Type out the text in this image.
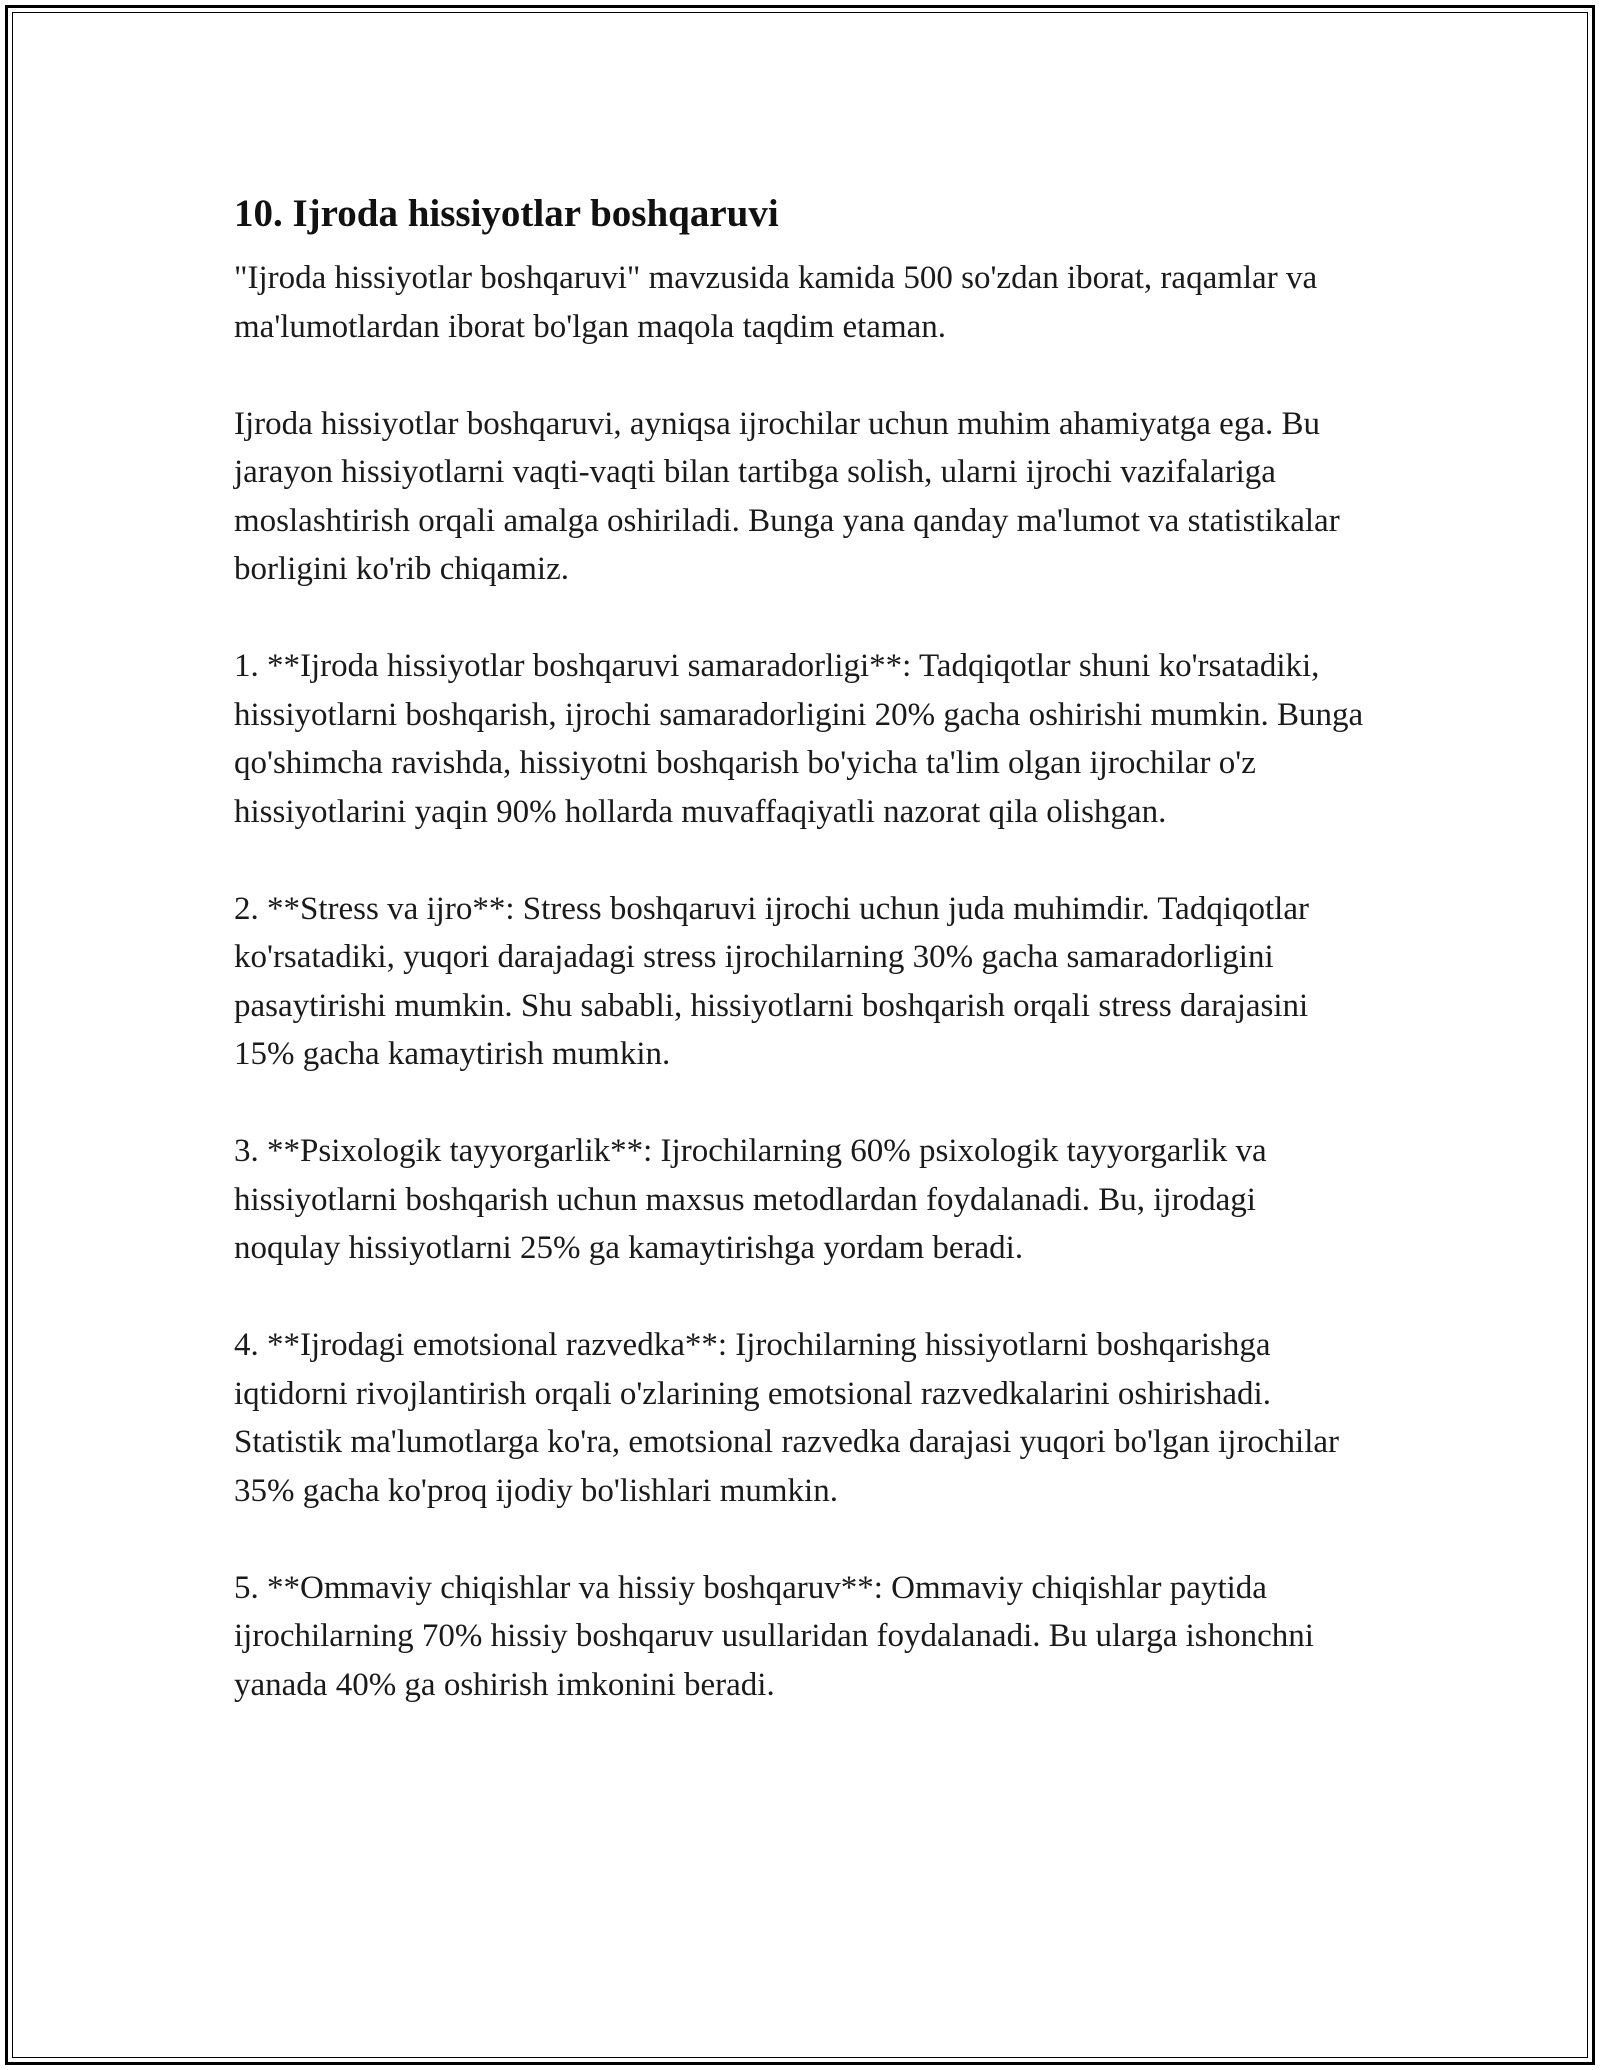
10. Ijroda hissiyotlar boshqaruvi

"Ijroda hissiyotlar boshqaruvi" mavzusida kamida 500 so'zdan iborat, raqamlar va ma'lumotlardan iborat bo'lgan maqola taqdim etaman.

Ijroda hissiyotlar boshqaruvi, ayniqsa ijrochilar uchun muhim ahamiyatga ega. Bu jarayon hissiyotlarni vaqti-vaqti bilan tartibga solish, ularni ijrochi vazifalariga moslashtirish orqali amalga oshiriladi. Bunga yana qanday ma'lumot va statistikalar borligini ko'rib chiqamiz.

1. **Ijroda hissiyotlar boshqaruvi samaradorligi**: Tadqiqotlar shuni ko'rsatadiki, hissiyotlarni boshqarish, ijrochi samaradorligini 20% gacha oshirishi mumkin. Bunga qo'shimcha ravishda, hissiyotni boshqarish bo'yicha ta'lim olgan ijrochilar o'z hissiyotlarini yaqin 90% hollarda muvaffaqiyatli nazorat qila olishgan.

2. **Stress va ijro**: Stress boshqaruvi ijrochi uchun juda muhimdir. Tadqiqotlar ko'rsatadiki, yuqori darajadagi stress ijrochilarning 30% gacha samaradorligini pasaytirishi mumkin. Shu sababli, hissiyotlarni boshqarish orqali stress darajasini 15% gacha kamaytirish mumkin.

3. **Psixologik tayyorgarlik**: Ijrochilarning 60% psixologik tayyorgarlik va hissiyotlarni boshqarish uchun maxsus metodlardan foydalanadi. Bu, ijrodagi noqulay hissiyotlarni 25% ga kamaytirishga yordam beradi.

4. **Ijrodagi emotsional razvedka**: Ijrochilarning hissiyotlarni boshqarishga iqtidorni rivojlantirish orqali o'zlarining emotsional razvedkalarini oshirishadi. Statistik ma'lumotlarga ko'ra, emotsional razvedka darajasi yuqori bo'lgan ijrochilar 35% gacha ko'proq ijodiy bo'lishlari mumkin.

5. **Ommaviy chiqishlar va hissiy boshqaruv**: Ommaviy chiqishlar paytida ijrochilarning 70% hissiy boshqaruv usullaridan foydalanadi. Bu ularga ishonchni yanada 40% ga oshirish imkonini beradi.
